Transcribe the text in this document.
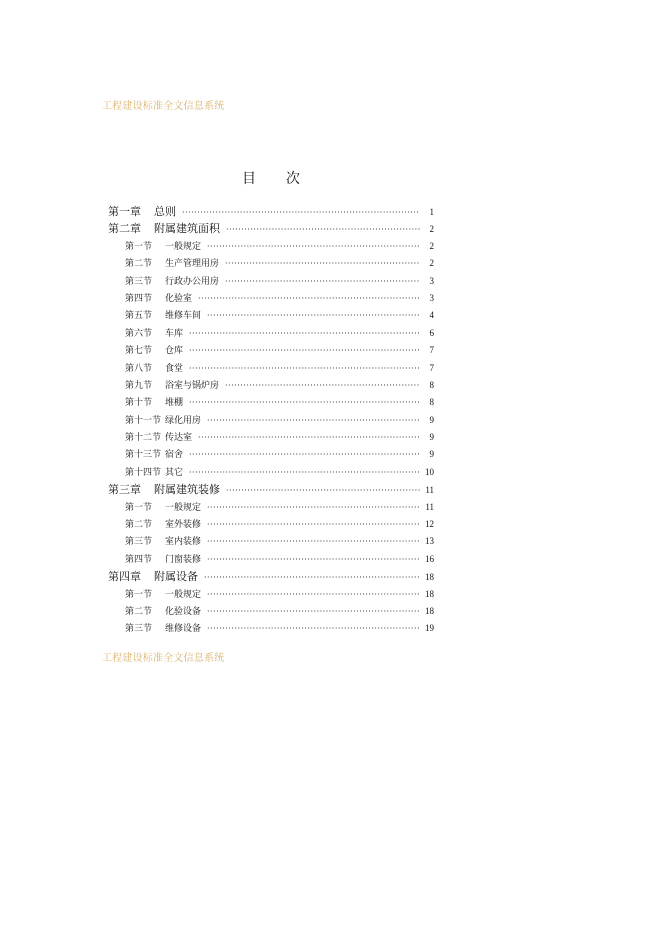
工程建设标准全文信息系统
目 次
第一章	总则 ·····	1
第二章	附属建筑面积 ·····	2
第一节	一般规定 ·····	2
第二节	生产管理用房 ·····	2
第三节	行政办公用房 ·····	3
第四节	化验室 ·····	3
第五节	维修车间 ·····	4
第六节	车库 ·····	6
第七节	仓库 ·····	7
第八节	食堂 ·····	7
第九节	浴室与锅炉房 ·····	8
第十节	堆棚 ·····	8
第十一节 绿化用房 ·····	9
第十二节 传达室 ·····	9
第十三节 宿舍 ·····	9
第十四节 其它 ·····	10
第三章	附属建筑装修 ·····	11
第一节	一般规定 ·····	11
第二节	室外装修 ·····	12
第三节	室内装修 ·····	13
第四节	门窗装修 ·····	16
第四章	附属设备 ·····	18
第一节	一般规定 ·····	18
第二节	化验设备 ·····	18
第三节	维修设备 ·····	19
工程建设标准全文信息系统
